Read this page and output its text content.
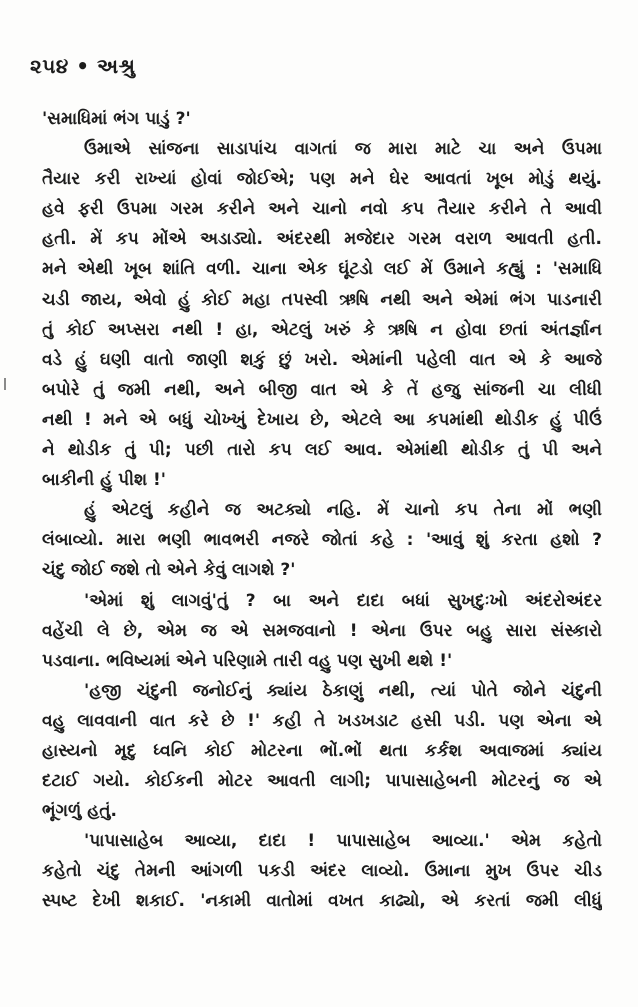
૨૫૪ • અશ્રુ
'સમાધિમાં ભંગ પાડું ?'
ઉમાએ સાંજના સાડાપાંચ વાગતાં જ મારા માટે ચા અને ઉપમા
તૈયાર કરી રાખ્યાં હોવાં જોઈએ; પણ મને ઘેર આવતાં ખૂબ મોડું થયું.
હવે ફરી ઉપમા ગરમ કરીને અને ચાનો નવો કપ તૈયાર કરીને તે આવી
હતી. મેં કપ મોંએ અડાડ્યો. અંદરથી મજેદાર ગરમ વરાળ આવતી હતી.
મને એથી ખૂબ શાંતિ વળી. ચાના એક ઘૂંટડો લઈ મેં ઉમાને કહ્યું : 'સમાધિ
ચડી જાય, એવો હું કોઈ મહા તપસ્વી ઋષિ નથી અને એમાં ભંગ પાડનારી
તું કોઈ અપ્સરા નથી ! હા, એટલું ખરું કે ઋષિ ન હોવા છતાં અંતર્જ્ઞાન
વડે હું ઘણી વાતો જાણી શકું છું ખરો. એમાંની પહેલી વાત એ કે આજે
બપોરે તું જમી નથી, અને બીજી વાત એ કે તેં હજુ સાંજની ચા લીધી
નથી ! મને એ બધું ચોખ્ખું દેખાય છે, એટલે આ કપમાંથી થોડીક હું પીઉં
ને થોડીક તું પી; પછી તારો કપ લઈ આવ. એમાંથી થોડીક તું પી અને
બાકીની હું પીશ !'
હું એટલું કહીને જ અટક્યો નહિ. મેં ચાનો કપ તેના મોં ભણી
લંબાવ્યો. મારા ભણી ભાવભરી નજરે જોતાં કહે : 'આવું શું કરતા હશો ?
ચંદુ જોઈ જશે તો એને કેવું લાગશે ?'
'એમાં શું લાગવું'તું ? બા અને દાદા બધાં સુખદુઃખો અંદરોઅંદર
વહેંચી લે છે, એમ જ એ સમજવાનો ! એના ઉપર બહુ સારા સંસ્કારો
પડવાના. ભવિષ્યમાં એને પરિણામે તારી વહુ પણ સુખી થશે !'
'હજી ચંદુની જનોઈનું ક્યાંય ઠેકાણું નથી, ત્યાં પોતે જોને ચંદુની
વહુ લાવવાની વાત કરે છે !' કહી તે ખડખડાટ હસી પડી. પણ એના એ
હાસ્યનો મૃદુ ધ્વનિ કોઈ મોટરના ભોં.ભોં થતા કર્કશ અવાજમાં ક્યાંય
દટાઈ ગયો. કોઈકની મોટર આવતી લાગી; પાપાસાહેબની મોટરનું જ એ
ભૂંગળું હતું.
'પાપાસાહેબ આવ્યા, દાદા ! પાપાસાહેબ આવ્યા.' એમ કહેતો
કહેતો ચંદુ તેમની આંગળી પકડી અંદર લાવ્યો. ઉમાના મુખ ઉપર ચીડ
સ્પષ્ટ દેખી શકાઈ. 'નકામી વાતોમાં વખત કાઢ્યો, એ કરતાં જમી લીધું
